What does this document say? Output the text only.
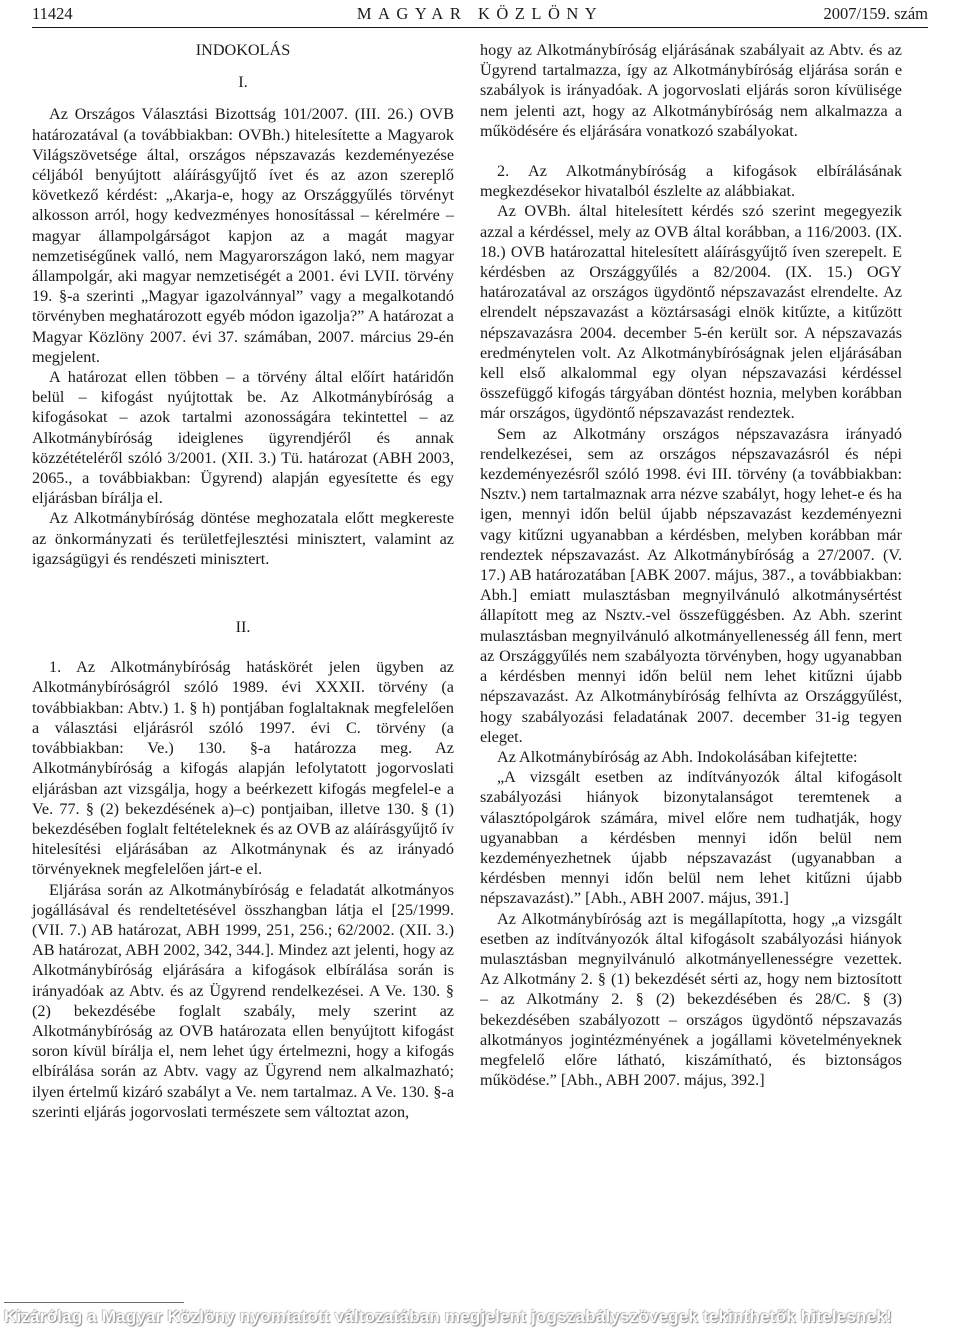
11424	MAGYAR KÖZLÖNY	2007/159. szám
INDOKOLÁS
I.

Az Országos Választási Bizottság 101/2007. (III. 26.) OVB határozatával (a továbbiakban: OVBh.) hitelesítette a Magyarok Világszövetsége által, országos népszavazás kezdeményezése céljából benyújtott aláírásgyűjtő ívet és az azon szereplő következő kérdést: „Akarja-e, hogy az Országgyűlés törvényt alkosson arról, hogy kedvezményes honosítással – kérelmére – magyar állampolgárságot kapjon az a magát magyar nemzetiségűnek valló, nem Magyarországon lakó, nem magyar állampolgár, aki magyar nemzetiségét a 2001. évi LVII. törvény 19. §-a szerinti „Magyar igazolvánnyal” vagy a megalkotandó törvényben meghatározott egyéb módon igazolja?” A határozat a Magyar Közlöny 2007. évi 37. számában, 2007. március 29-én megjelent.

A határozat ellen többen – a törvény által előírt határidőn belül – kifogást nyújtottak be. Az Alkotmánybíróság a kifogásokat – azok tartalmi azonosságára tekintettel – az Alkotmánybíróság ideiglenes ügyrendjéről és annak közzétételéről szóló 3/2001. (XII. 3.) Tü. határozat (ABH 2003, 2065., a továbbiakban: Ügyrend) alapján egyesítette és egy eljárásban bírálja el.

Az Alkotmánybíróság döntése meghozatala előtt megkereste az önkormányzati és területfejlesztési minisztert, valamint az igazságügyi és rendészeti minisztert.

II.

1. Az Alkotmánybíróság hatáskörét jelen ügyben az Alkotmánybíróságról szóló 1989. évi XXXII. törvény (a továbbiakban: Abtv.) 1. § h) pontjában foglaltaknak megfelelően a választási eljárásról szóló 1997. évi C. törvény (a továbbiakban: Ve.) 130. §-a határozza meg. Az Alkotmánybíróság a kifogás alapján lefolytatott jogorvoslati eljárásban azt vizsgálja, hogy a beérkezett kifogás megfelel-e a Ve. 77. § (2) bekezdésének a)–c) pontjaiban, illetve 130. § (1) bekezdésében foglalt feltételeknek és az OVB az aláírásgyűjtő ív hitelesítési eljárásában az Alkotmánynak és az irányadó törvényeknek megfelelően járt-e el.

Eljárása során az Alkotmánybíróság e feladatát alkotmányos jogállásával és rendeltetésével összhangban látja el [25/1999. (VII. 7.) AB határozat, ABH 1999, 251, 256.; 62/2002. (XII. 3.) AB határozat, ABH 2002, 342, 344.]. Mindez azt jelenti, hogy az Alkotmánybíróság eljárására a kifogások elbírálása során is irányadóak az Abtv. és az Ügyrend rendelkezései. A Ve. 130. § (2) bekezdésébe foglalt szabály, mely szerint az Alkotmánybíróság az OVB határozata ellen benyújtott kifogást soron kívül bírálja el, nem lehet úgy értelmezni, hogy a kifogás elbírálása során az Abtv. vagy az Ügyrend nem alkalmazható; ilyen értelmű kizáró szabályt a Ve. nem tartalmaz. A Ve. 130. §-a szerinti eljárás jogorvoslati természete sem változtat azon,

hogy az Alkotmánybíróság eljárásának szabályait az Abtv. és az Ügyrend tartalmazza, így az Alkotmánybíróság eljárása során e szabályok is irányadóak. A jogorvoslati eljárás soron kívülisége nem jelenti azt, hogy az Alkotmánybíróság nem alkalmazza a működésére és eljárására vonatkozó szabályokat.

2. Az Alkotmánybíróság a kifogások elbírálásának megkezdésekor hivatalból észlelte az alábbiakat.

Az OVBh. által hitelesített kérdés szó szerint megegyezik azzal a kérdéssel, mely az OVB által korábban, a 116/2003. (IX. 18.) OVB határozattal hitelesített aláírásgyűjtő íven szerepelt. E kérdésben az Országgyűlés a 82/2004. (IX. 15.) OGY határozatával az országos ügydöntő népszavazást elrendelte. Az elrendelt népszavazást a köztársasági elnök kitűzte, a kitűzött népszavazásra 2004. december 5-én került sor. A népszavazás eredménytelen volt. Az Alkotmánybíróságnak jelen eljárásában kell első alkalommal egy olyan népszavazási kérdéssel összefüggő kifogás tárgyában döntést hoznia, melyben korábban már országos, ügydöntő népszavazást rendeztek.

Sem az Alkotmány országos népszavazásra irányadó rendelkezései, sem az országos népszavazásról és népi kezdeményezésről szóló 1998. évi III. törvény (a továbbiakban: Nsztv.) nem tartalmaznak arra nézve szabályt, hogy lehet-e és ha igen, mennyi időn belül újabb népszavazást kezdeményezni vagy kitűzni ugyanabban a kérdésben, melyben korábban már rendeztek népszavazást. Az Alkotmánybíróság a 27/2007. (V. 17.) AB határozatában [ABK 2007. május, 387., a továbbiakban: Abh.] emiatt mulasztásban megnyilvánuló alkotmánysértést állapított meg az Nsztv.-vel összefüggésben. Az Abh. szerint mulasztásban megnyilvánuló alkotmányellenesség áll fenn, mert az Országgyűlés nem szabályozta törvényben, hogy ugyanabban a kérdésben mennyi időn belül nem lehet kitűzni újabb népszavazást. Az Alkotmánybíróság felhívta az Országgyűlést, hogy szabályozási feladatának 2007. december 31-ig tegyen eleget.

Az Alkotmánybíróság az Abh. Indokolásában kifejtette:

„A vizsgált esetben az indítványozók által kifogásolt szabályozási hiányok bizonytalanságot teremtenek a választópolgárok számára, mivel előre nem tudhatják, hogy ugyanabban a kérdésben mennyi időn belül nem kezdeményezhetnek újabb népszavazást (ugyanabban a kérdésben mennyi időn belül nem lehet kitűzni újabb népszavazást).” [Abh., ABH 2007. május, 391.]

Az Alkotmánybíróság azt is megállapította, hogy „a vizsgált esetben az indítványozók által kifogásolt szabályozási hiányok mulasztásban megnyilvánuló alkotmányellenességre vezettek. Az Alkotmány 2. § (1) bekezdését sérti az, hogy nem biztosított – az Alkotmány 2. § (2) bekezdésében és 28/C. § (3) bekezdésében szabályozott – országos ügydöntő népszavazás alkotmányos jogintézményének a jogállami követelményeknek megfelelő előre látható, kiszámítható, és biztonságos működése.” [Abh., ABH 2007. május, 392.]

Kizárólag a Magyar Közlöny nyomtatott változatában megjelent jogszabályszövegek tekinthetők hitelesnek!
